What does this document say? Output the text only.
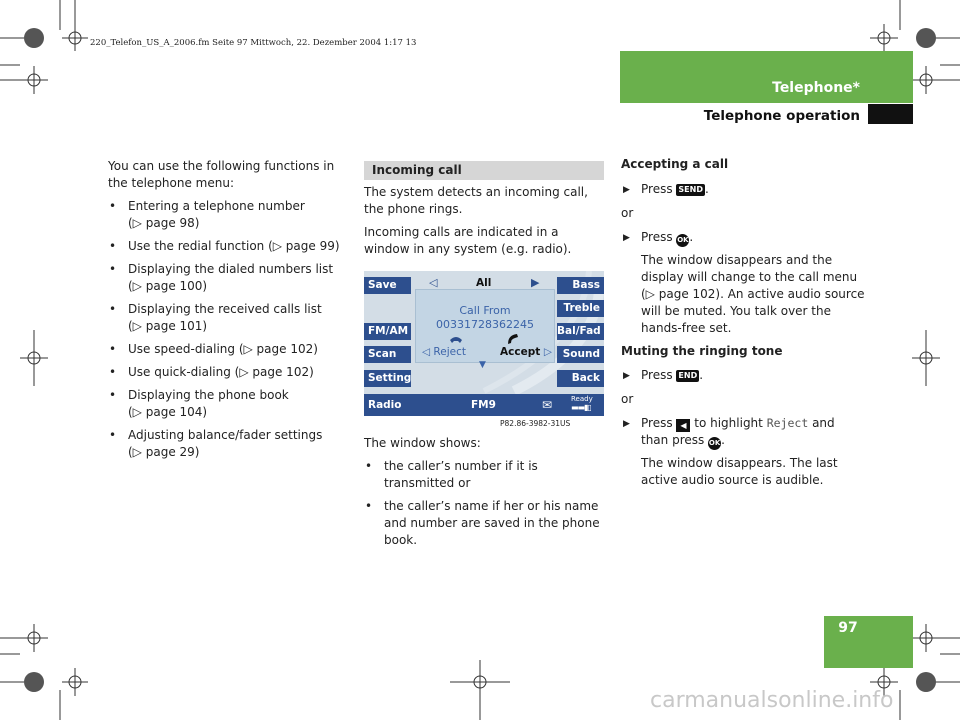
220_Telefon_US_A_2006.fm Seite 97 Mittwoch, 22. Dezember 2004 1:17 13
Telephone*
Telephone operation

You can use the following functions in the telephone menu:

• Entering a telephone number
(▷ page 98)
• Use the redial function (▷ page 99)
• Displaying the dialed numbers list
(▷ page 100)
• Displaying the received calls list
(▷ page 101)
• Use speed-dialing (▷ page 102)
• Use quick-dialing (▷ page 102)
• Displaying the phone book
(▷ page 104)
• Adjusting balance/fader settings
(▷ page 29)
Incoming call

The system detects an incoming call, the phone rings.

Incoming calls are indicated in a window in any system (e.g. radio).

Save
FM/AM
Scan
Setting
Bass
Treble
Bal/Fad
Sound
Back
◁	All	▶
Call From
00331728362245
◁ Reject	Accept ▷
▼
Radio	FM9	✉	Ready
▬▬▮▯
P82.86-3982-31US

The window shows:

• the caller’s number if it is transmitted or
• the caller’s name if her or his name and number are saved in the phone book.

Accepting a call

▶ Press SEND .

or

▶ Press OK.

The window disappears and the display will change to the call menu (▷ page 102). An active audio source will be muted. You talk over the hands-free set.

Muting the ringing tone

▶ Press END .

or

▶ Press ◀ to highlight Reject and
than press OK.

The window disappears. The last active audio source is audible.

97
carmanualsonline.info
